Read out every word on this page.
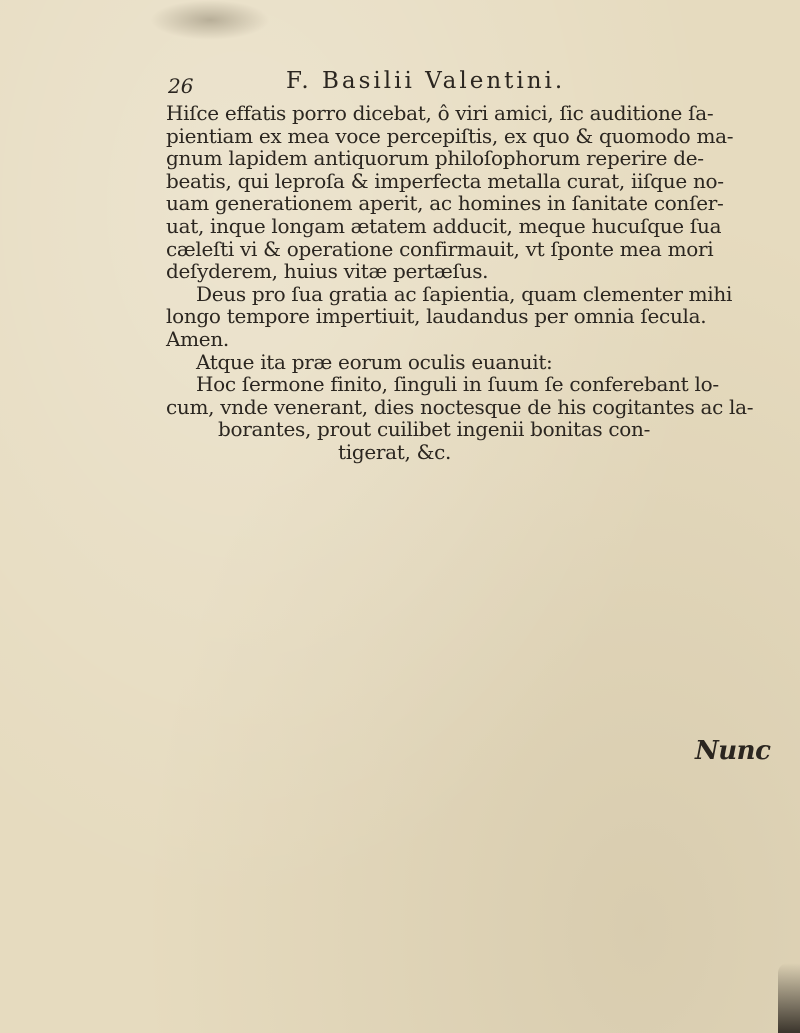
26	F. Basilii Valentini.
Hiſce effatis porro dicebat, ô viri amici, ſic auditione ſa-
pientiam ex mea voce percepiſtis, ex quo & quomodo ma-
gnum lapidem antiquorum philoſophorum reperire de-
beatis, qui leproſa & imperfecta metalla curat, iiſque no-
uam generationem aperit, ac homines in ſanitate conſer-
uat, inque longam ætatem adducit, meque hucuſque ſua
cæleſti vi & operatione confirmauit, vt ſponte mea mori
deſyderem, huius vitæ pertæſus.
Deus pro ſua gratia ac ſapientia, quam clementer mihi
longo tempore impertiuit, laudandus per omnia ſecula.
Amen.
Atque ita præ eorum oculis euanuit:
Hoc ſermone finito, ſinguli in ſuum ſe conferebant lo-
cum, vnde venerant, dies noctesque de his cogitantes ac la-
borantes, prout cuilibet ingenii bonitas con-
tigerat, &c.
Nunc
